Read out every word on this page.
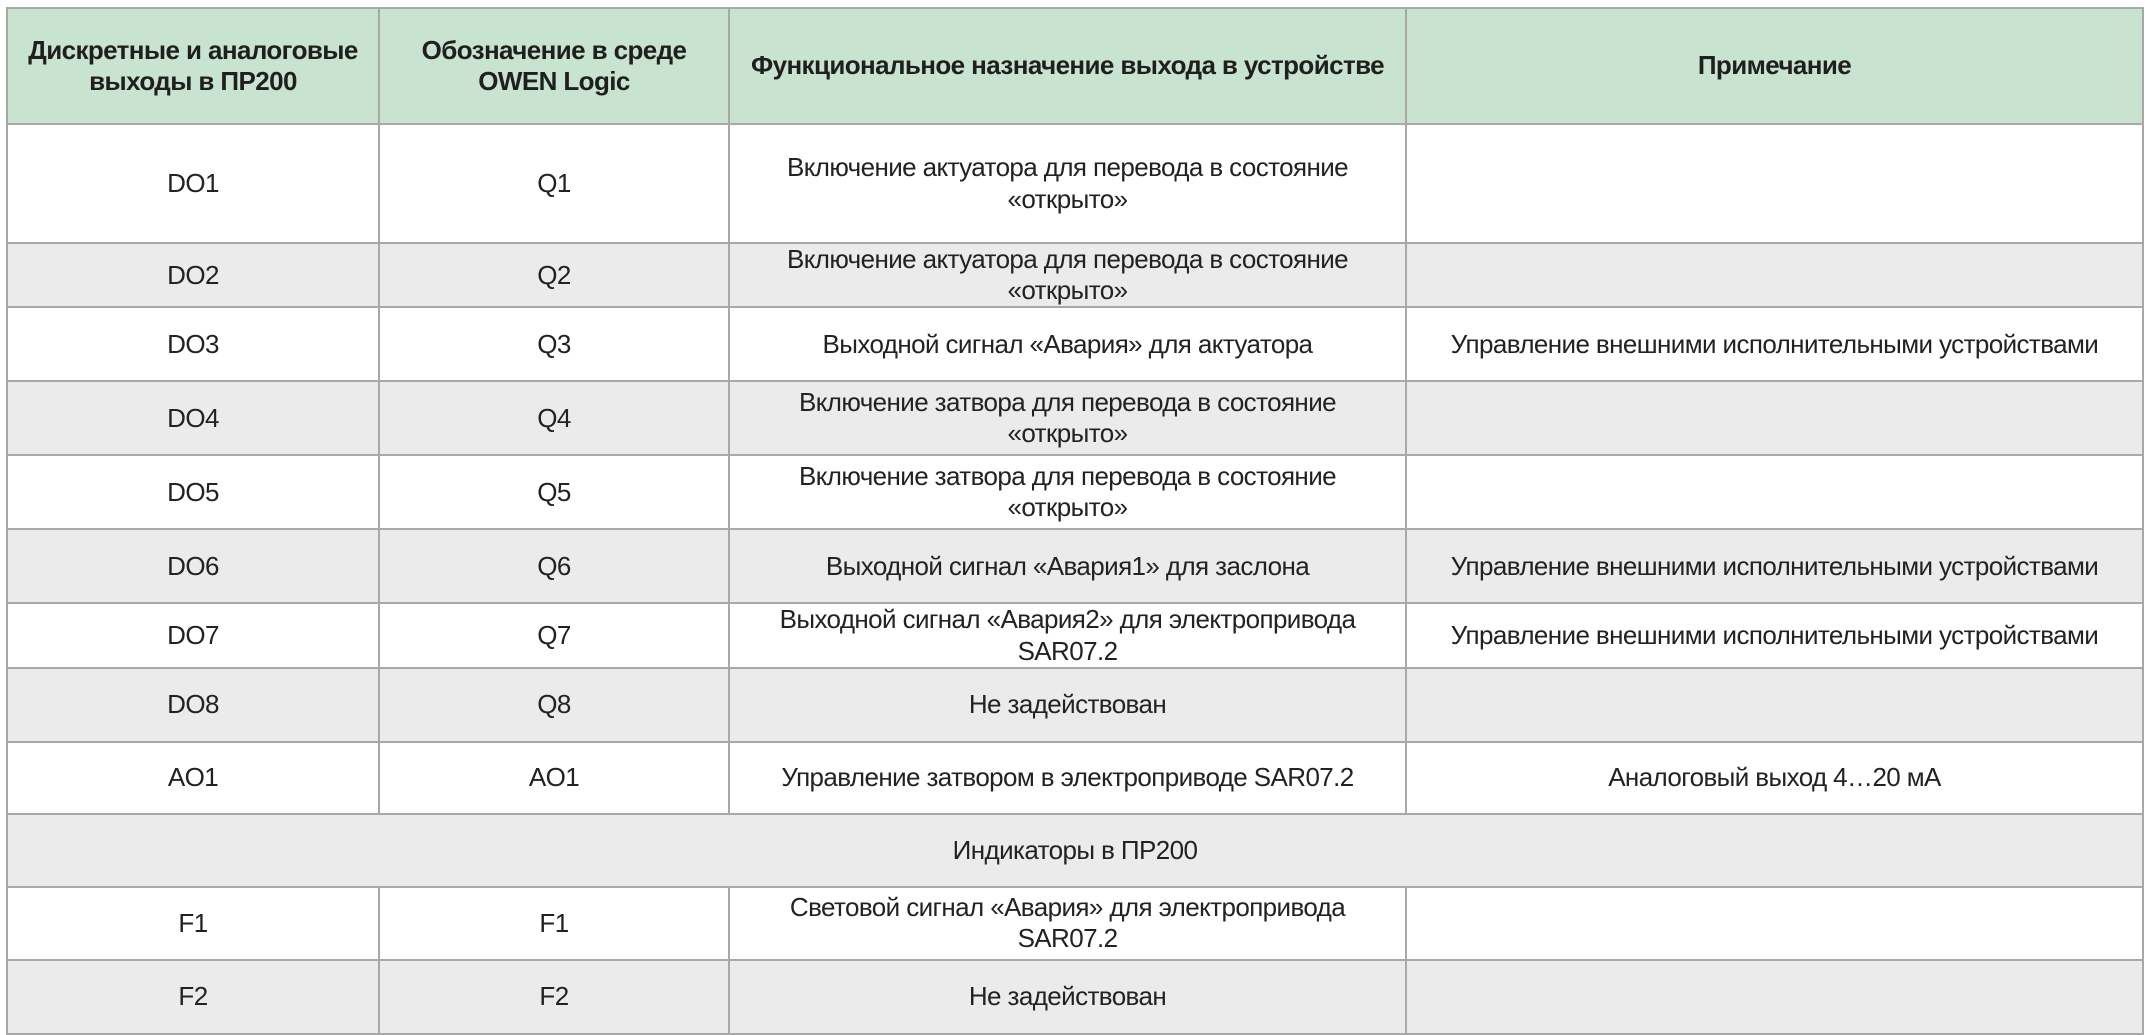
Дискретные и аналоговые выходы в ПР200	Обозначение в среде OWEN Logic	Функциональное назначение выхода в устройстве	Примечание
DO1	Q1	Включение актуатора для перевода в состояние «открыто»	
DO2	Q2	Включение актуатора для перевода в состояние «открыто»	
DO3	Q3	Выходной сигнал «Авария» для актуатора	Управление внешними исполнительными устройствами
DO4	Q4	Включение затвора для перевода в состояние «открыто»	
DO5	Q5	Включение затвора для перевода в состояние «открыто»	
DO6	Q6	Выходной сигнал «Авария1» для заслона	Управление внешними исполнительными устройствами
DO7	Q7	Выходной сигнал «Авария2» для электропривода SAR07.2	Управление внешними исполнительными устройствами
DO8	Q8	Не задействован	
AO1	AO1	Управление затвором в электроприводе SAR07.2	Аналоговый выход 4…20 мА
Индикаторы в ПР200			
F1	F1	Световой сигнал «Авария» для электропривода SAR07.2	
F2	F2	Не задействован	
